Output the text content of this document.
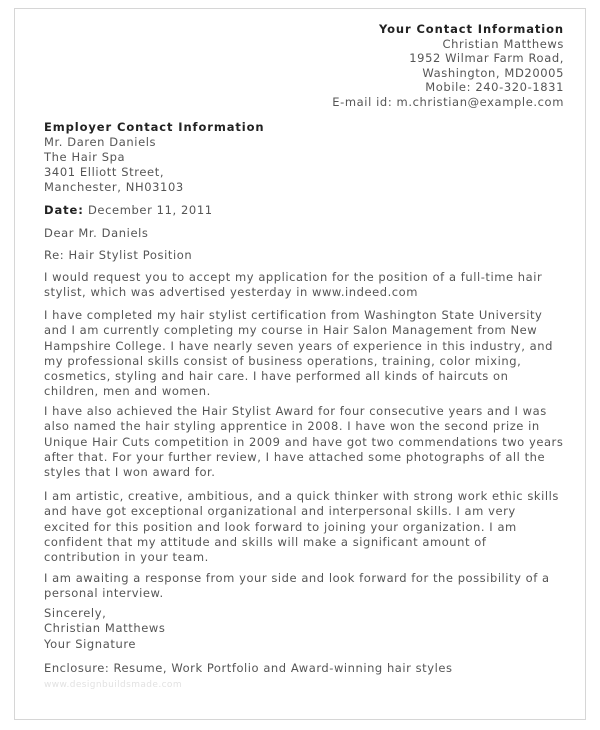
Your Contact Information
Christian Matthews
1952 Wilmar Farm Road,
Washington, MD20005
Mobile: 240-320-1831
E-mail id: m.christian@example.com
Employer Contact Information
Mr. Daren Daniels
The Hair Spa
3401 Elliott Street,
Manchester, NH03103
Date: December 11, 2011
Dear Mr. Daniels
Re: Hair Stylist Position

I would request you to accept my application for the position of a full-time hair stylist, which was advertised yesterday in www.indeed.com

I have completed my hair stylist certification from Washington State University and I am currently completing my course in Hair Salon Management from New Hampshire College. I have nearly seven years of experience in this industry, and my professional skills consist of business operations, training, color mixing, cosmetics, styling and hair care. I have performed all kinds of haircuts on children, men and women.

I have also achieved the Hair Stylist Award for four consecutive years and I was also named the hair styling apprentice in 2008. I have won the second prize in Unique Hair Cuts competition in 2009 and have got two commendations two years after that. For your further review, I have attached some photographs of all the styles that I won award for.

I am artistic, creative, ambitious, and a quick thinker with strong work ethic skills and have got exceptional organizational and interpersonal skills. I am very excited for this position and look forward to joining your organization. I am confident that my attitude and skills will make a significant amount of contribution in your team.

I am awaiting a response from your side and look forward for the possibility of a personal interview.

Sincerely,
Christian Matthews
Your Signature
Enclosure: Resume, Work Portfolio and Award-winning hair styles
www.designbuildsmade.com
